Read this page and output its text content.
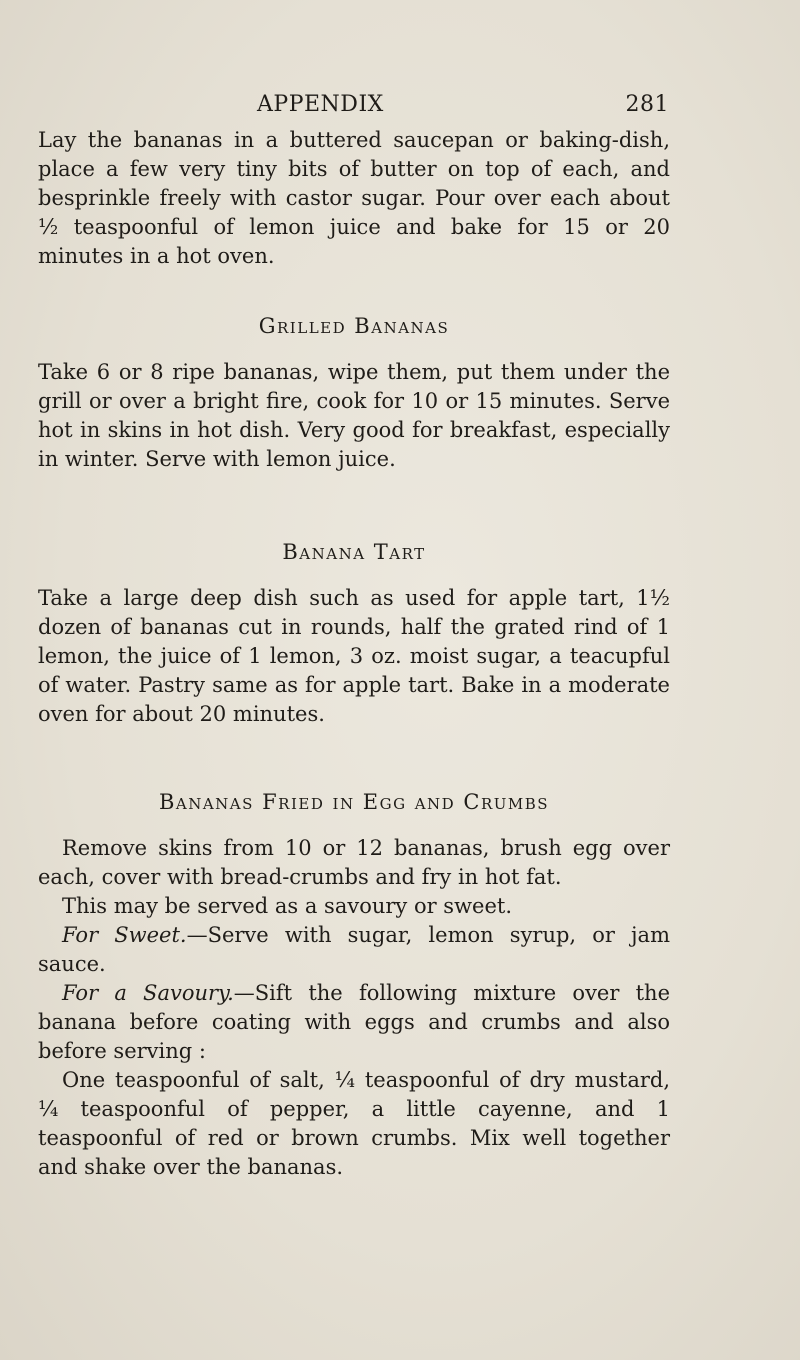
APPENDIX	281

Lay the bananas in a buttered saucepan or baking-dish, place a few very tiny bits of butter on top of each, and besprinkle freely with castor sugar. Pour over each about ½ teaspoonful of lemon juice and bake for 15 or 20 minutes in a hot oven.

Grilled Bananas

Take 6 or 8 ripe bananas, wipe them, put them under the grill or over a bright fire, cook for 10 or 15 minutes. Serve hot in skins in hot dish. Very good for breakfast, especially in winter. Serve with lemon juice.

Banana Tart

Take a large deep dish such as used for apple tart, 1½ dozen of bananas cut in rounds, half the grated rind of 1 lemon, the juice of 1 lemon, 3 oz. moist sugar, a teacupful of water. Pastry same as for apple tart. Bake in a moderate oven for about 20 minutes.

Bananas Fried in Egg and Crumbs

Remove skins from 10 or 12 bananas, brush egg over each, cover with bread-crumbs and fry in hot fat.

This may be served as a savoury or sweet.

For Sweet.—Serve with sugar, lemon syrup, or jam sauce.

For a Savoury.—Sift the following mixture over the banana before coating with eggs and crumbs and also before serving :

One teaspoonful of salt, ¼ teaspoonful of dry mustard, ¼ teaspoonful of pepper, a little cayenne, and 1 teaspoonful of red or brown crumbs. Mix well together and shake over the bananas.
